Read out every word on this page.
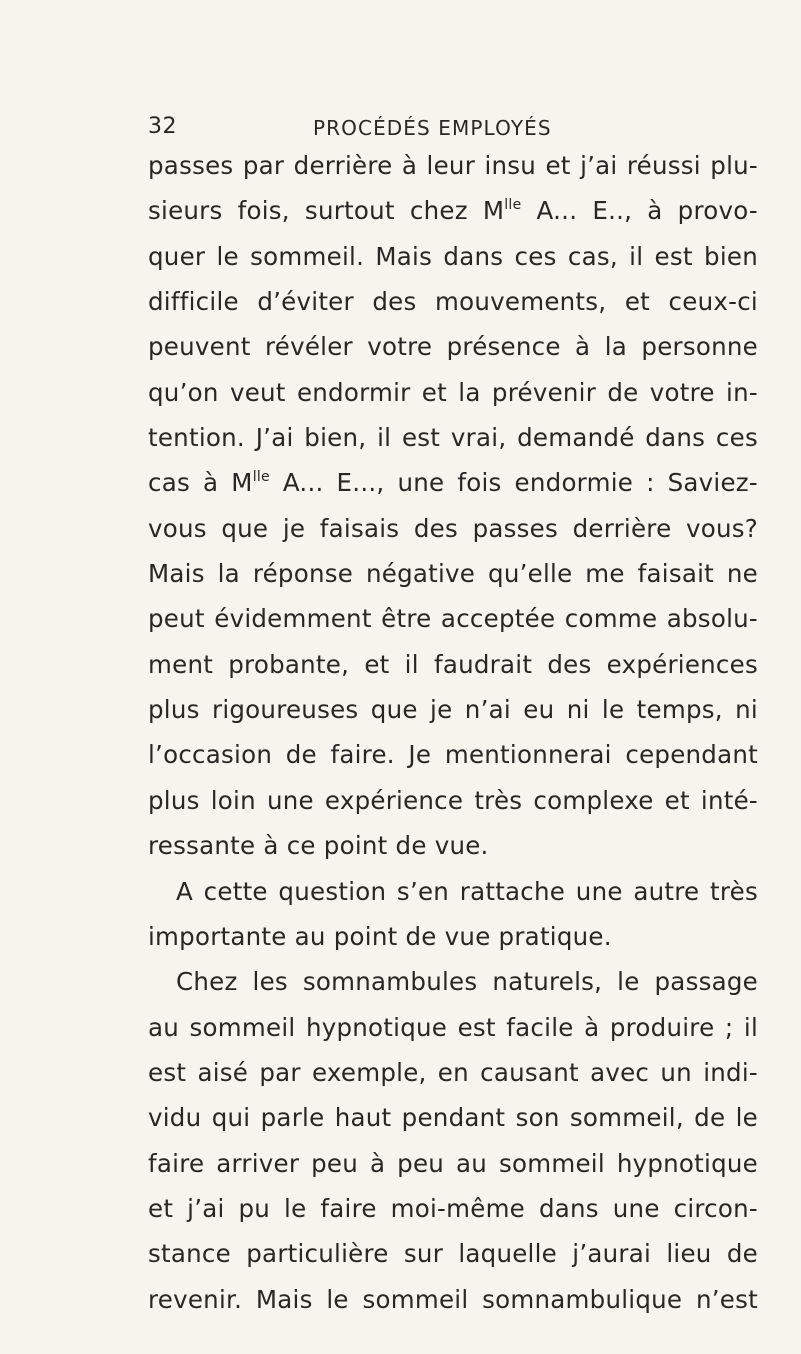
32	PROCÉDÉS EMPLOYÉS
passes par derrière à leur insu et j’ai réussi plu-
sieurs fois, surtout chez $M^{lle}$ A... E.., à provo-
quer le sommeil. Mais dans ces cas, il est bien
difficile d’éviter des mouvements, et ceux-ci
peuvent révéler votre présence à la personne
qu’on veut endormir et la prévenir de votre in-
tention. J’ai bien, il est vrai, demandé dans ces
cas à $M^{lle}$ A... E..., une fois endormie : Saviez-
vous que je faisais des passes derrière vous?
Mais la réponse négative qu’elle me faisait ne
peut évidemment être acceptée comme absolu-
ment probante, et il faudrait des expériences
plus rigoureuses que je n’ai eu ni le temps, ni
l’occasion de faire. Je mentionnerai cependant
plus loin une expérience très complexe et inté-
ressante à ce point de vue.
A cette question s’en rattache une autre très
importante au point de vue pratique.
Chez les somnambules naturels, le passage
au sommeil hypnotique est facile à produire ; il
est aisé par exemple, en causant avec un indi-
vidu qui parle haut pendant son sommeil, de le
faire arriver peu à peu au sommeil hypnotique
et j’ai pu le faire moi-même dans une circon-
stance particulière sur laquelle j’aurai lieu de
revenir. Mais le sommeil somnambulique n’est
